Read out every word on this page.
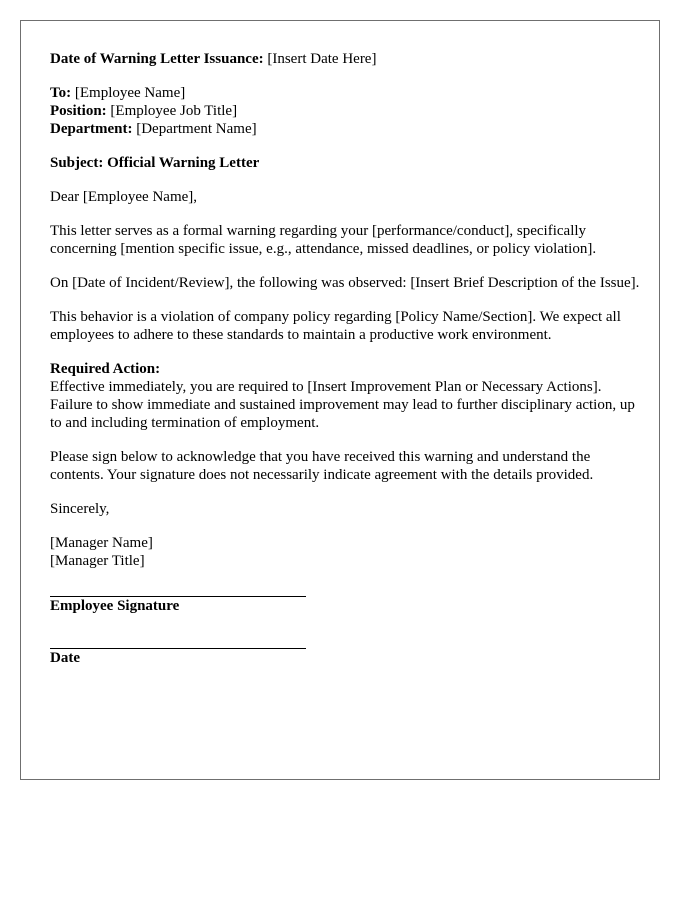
Date of Warning Letter Issuance: [Insert Date Here]
To: [Employee Name]
Position: [Employee Job Title]
Department: [Department Name]
Subject: Official Warning Letter

Dear [Employee Name],

This letter serves as a formal warning regarding your [performance/conduct], specifically concerning [mention specific issue, e.g., attendance, missed deadlines, or policy violation].

On [Date of Incident/Review], the following was observed: [Insert Brief Description of the Issue].

This behavior is a violation of company policy regarding [Policy Name/Section]. We expect all employees to adhere to these standards to maintain a productive work environment.

Required Action:
Effective immediately, you are required to [Insert Improvement Plan or Necessary Actions]. Failure to show immediate and sustained improvement may lead to further disciplinary action, up to and including termination of employment.

Please sign below to acknowledge that you have received this warning and understand the contents. Your signature does not necessarily indicate agreement with the details provided.

Sincerely,

[Manager Name]
[Manager Title]
Employee Signature
Date
